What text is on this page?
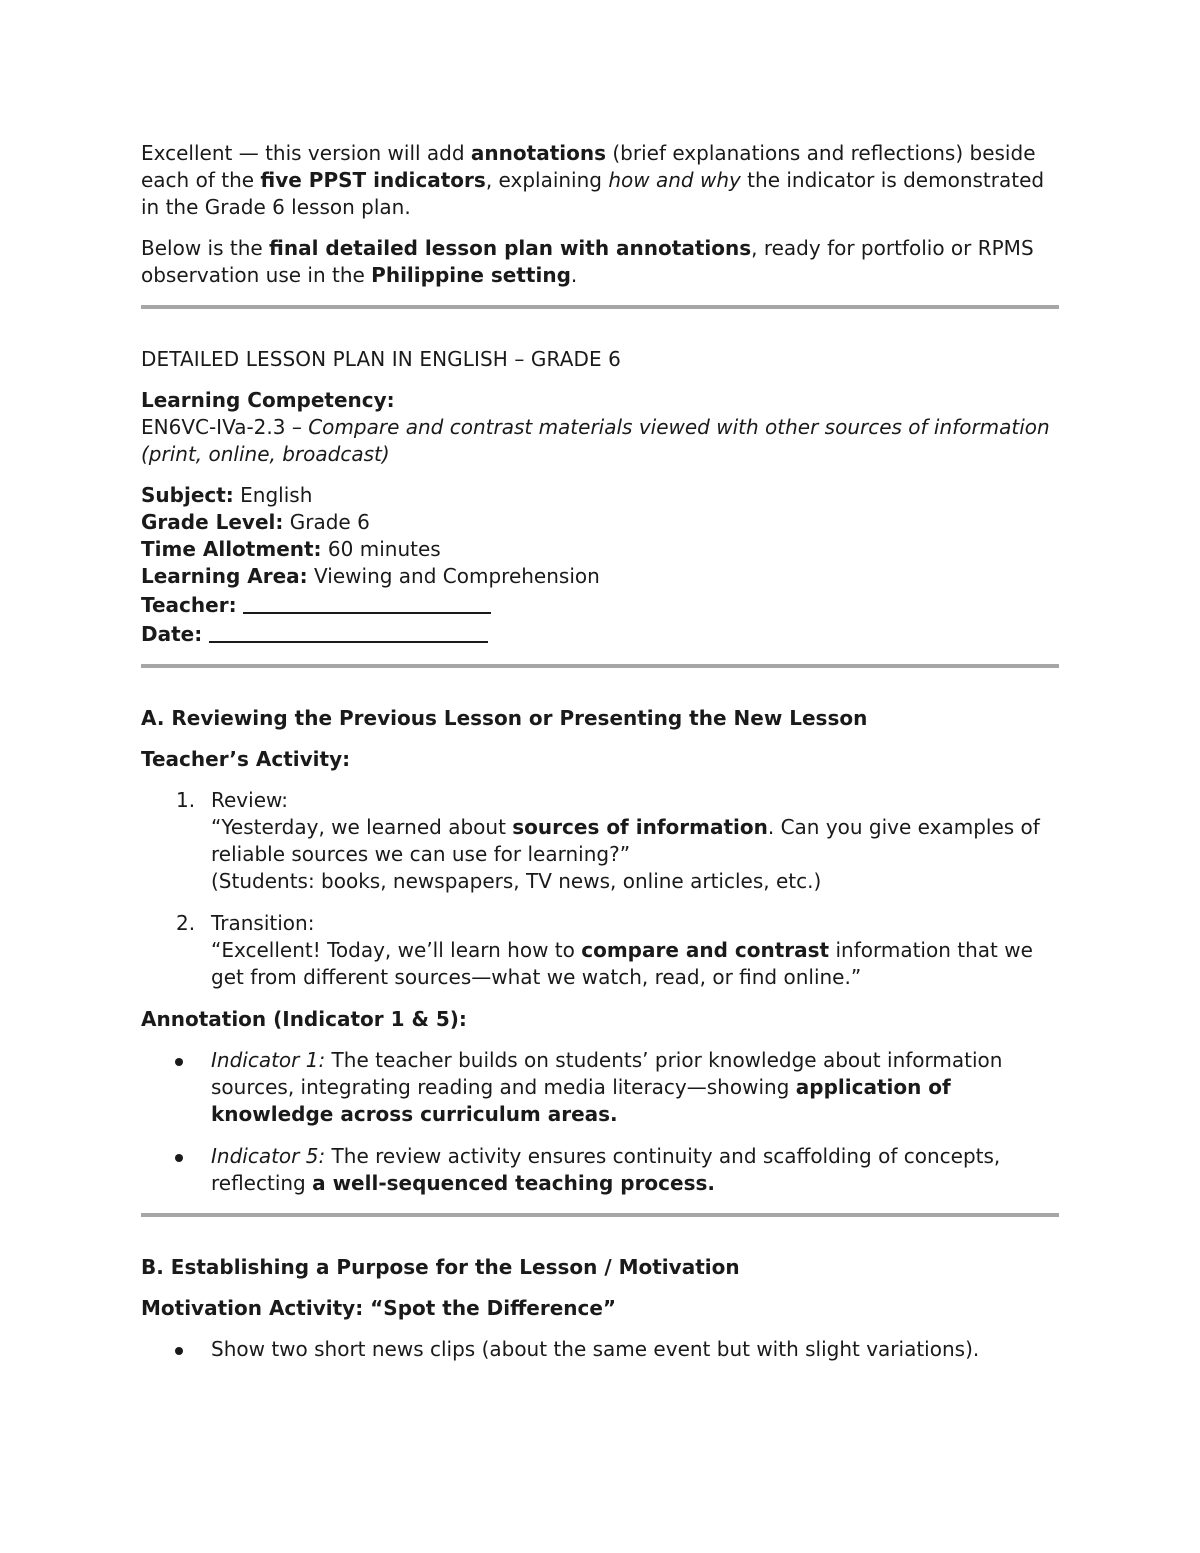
Excellent — this version will add annotations (brief explanations and reflections) beside each of the five PPST indicators, explaining how and why the indicator is demonstrated in the Grade 6 lesson plan.

Below is the final detailed lesson plan with annotations, ready for portfolio or RPMS observation use in the Philippine setting.

DETAILED LESSON PLAN IN ENGLISH – GRADE 6

Learning Competency:

EN6VC-IVa-2.3 – Compare and contrast materials viewed with other sources of information (print, online, broadcast)

Subject: English
Grade Level: Grade 6
Time Allotment: 60 minutes
Learning Area: Viewing and Comprehension
Teacher:
Date:

A. Reviewing the Previous Lesson or Presenting the New Lesson

Teacher’s Activity:

1. Review:
“Yesterday, we learned about sources of information. Can you give examples of reliable sources we can use for learning?”
(Students: books, newspapers, TV news, online articles, etc.)
2. Transition:
“Excellent! Today, we’ll learn how to compare and contrast information that we get from different sources—what we watch, read, or find online.”

Annotation (Indicator 1 & 5):

Indicator 1: The teacher builds on students’ prior knowledge about information sources, integrating reading and media literacy—showing application of knowledge across curriculum areas.
Indicator 5: The review activity ensures continuity and scaffolding of concepts, reflecting a well-sequenced teaching process.

B. Establishing a Purpose for the Lesson / Motivation

Motivation Activity: “Spot the Difference”

Show two short news clips (about the same event but with slight variations).
